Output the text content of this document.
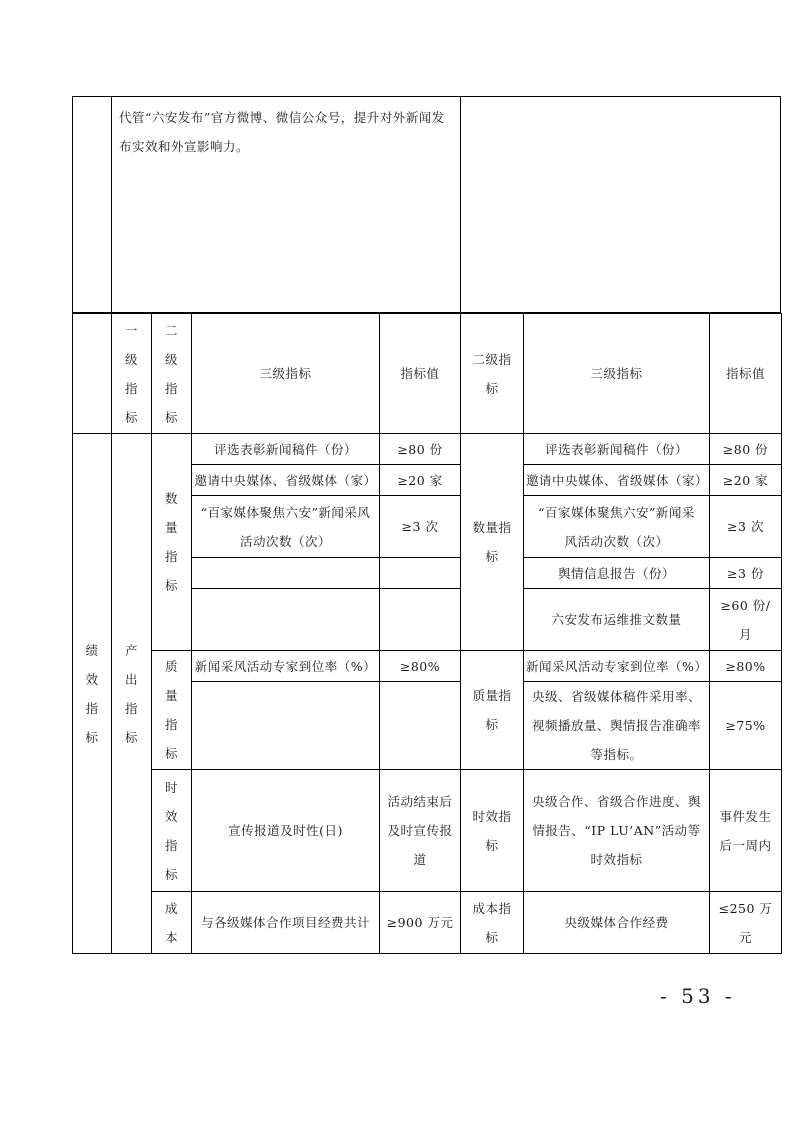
代管“六安发布”官方微博、微信公众号，提升对外新闻发布实效和外宣影响力。

	一级指标	二级指标	三级指标	指标值	二级指标	三级指标	指标值

绩效指标	产出指标	数量指标	评选表彰新闻稿件（份）	≥80 份	数量指标	评选表彰新闻稿件（份）	≥80 份
			邀请中央媒体、省级媒体（家）	≥20 家		邀请中央媒体、省级媒体（家）	≥20 家

			“百家媒体聚焦六安”新闻采风活动次数（次）	≥3 次		“百家媒体聚焦六安”新闻采风活动次数（次）	≥3 次
						舆情信息报告（份）	≥3 份
						六安发布运维推文数量	≥60 份/月

		质量指标	新闻采风活动专家到位率（%）	≥80%	质量指标	新闻采风活动专家到位率（%）	≥80%

						央级、省级媒体稿件采用率、视频播放量、舆情报告准确率等指标。	≥75%

		时效指标	宣传报道及时性(日)	活动结束后及时宣传报道	时效指标	央级合作、省级合作进度、舆情报告、“IP LU’AN”活动等时效指标	事件发生后一周内

		成本	与各级媒体合作项目经费共计	≥900 万元	成本指标	央级媒体合作经费	≤250 万元
- 53 -
